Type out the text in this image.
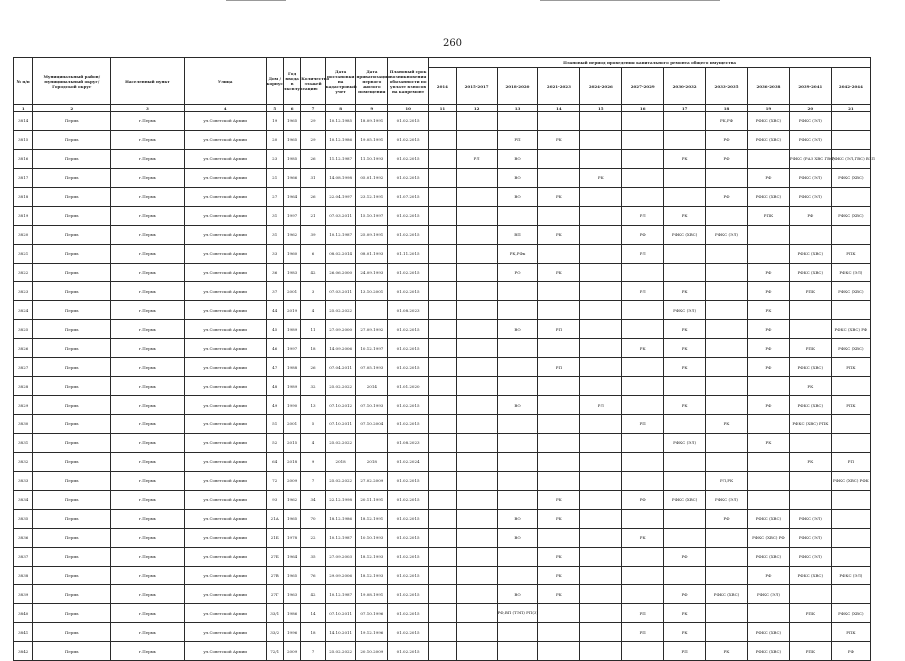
260
№ п/п	Муниципальный район/ муниципальный округ/Городской округ	Населенный пункт	Улица	Дом / корпус	Год ввода в эксплуатацию	Количество этажей	Дата постановки на кадастровый учет	Дата приватизации первого жилого помещения	Плановый срок возникновения обязанности по уплате взносов на капремонт	Плановый период проведения капитального ремонта общего имущества										
										2014	2015-2017	2018-2020	2021-2023	2024-2026	2027-2029	2030-2032	2033-2035	2036-2038	2039-2041	2042-2044
1	2	3	4	5	6	7	8	9	10	11	12	13	14	15	16	17	18	19	20	21
3814	Пермь	г.Пермь	ул.Советской Армии	19	1965	29	10.12.1985	18.09.1991	01.02.2015								РК,РФ	РФКС (ХВС)	РФКС (ЭЛ)	
3815	Пермь	г.Пермь	ул.Советской Армии	20	1965	29	10.12.1986	19.05.1991	01.02.2015			РП	РК				РФ	РФКС (ХВС)	РФКС (ЭЛ)	
3816	Пермь	г.Пермь	ул.Советской Армии	23	1985	26	11.12.1987	11.10.1993	01.02.2015		РЛ	ВО				РК	РФ		РФКС (РАЗ ХВС ГВС)	РФКС (ЭЛ,ГВС) ВЗП
3817	Пермь	г.Пермь	ул.Советской Армии	21	1966	31	14.08.1998	05.01.1992	01.02.2015			ВО		РК				РФ	РФКС (ЭЛ)	РФКС (ХВС)
3818	Пермь	г.Пермь	ул.Советской Армии	27	1964	26	22.04.1997	23.12.1991	01.07.2015			ВО	РК				РФ	РФКС (ХВС)	РФКС (ЭЛ)	
3819	Пермь	г.Пермь	ул.Советской Армии	31	1997	21	07.03.2011	15.10.1997	01.02.2015						РЛ	РК		РПК	РФ	РФКС (ХВС)
3820	Пермь	г.Пермь	ул.Советской Армии	31	1962	39	10.12.1987	25.09.1991	01.02.2015			ВП	РК		РФ	РФКС (ХВС)	РФКС (ЭЛ)			
3821	Пермь	г.Пермь	ул.Советской Армии	33	1960	6	08.02.2014	08.01.1993	01.11.2015			РК,РФк			РЛ				РФКС (ХВС)	РПК
3822	Пермь	г.Пермь	ул.Советской Армии	36	1983	42	26.06.2000	24.09.1993	01.02.2015			РО	РК					РФ	РФКС (ХВС)	РФКС (ЭЛ)
3823	Пермь	г.Пермь	ул.Советской Армии	37	2001	3	07.03.2011	13.10.2001	01.02.2015						РЛ	РК		РФ	РПК	РФКС (ХВС)
3824	Пермь	г.Пермь	ул.Советской Армии	44	2019	4	25.02.2022		01.08.2023							РФКС (ЭЛ)		РК		
3825	Пермь	г.Пермь	ул.Советской Армии	45	1989	11	27.09.2000	27.09.1992	01.02.2015			ВО	РП			РК		РФ		РФКС (ХВС) РФ
3826	Пермь	г.Пермь	ул.Советской Армии	46	1997	18	14.09.2006	10.12.1997	01.02.2015						РК	РК		РФ	РПК	РФКС (ХВС)
3827	Пермь	г.Пермь	ул.Советской Армии	47	1988	26	07.04.2011	07.05.1993	01.02.2015				РП			РК		РФ	РФКС (ХВС)	РПК
3828	Пермь	г.Пермь	ул.Советской Армии	48	1989	32	25.02.2022	2014	01.01.2020										РК	
3829	Пермь	г.Пермь	ул.Советской Армии	49	1990	13	07.10.2012	07.10.1993	01.02.2015			ВО		РЛ		РК		РФ	РФКС (ХВС)	РПК
3830	Пермь	г.Пермь	ул.Советской Армии	51	2001	5	07.10.2011	07.10.2004	01.02.2015						РП		РК		РФКС (ХВС) РПК	
3831	Пермь	г.Пермь	ул.Советской Армии	52	2015	4	25.02.2022		01.08.2023							РФКС (ЭЛ)		РК		
3832	Пермь	г.Пермь	ул.Советской Армии	64	2018	9	2018	2018	01.02.2024										РК	РП
3833	Пермь	г.Пермь	ул.Советской Армии	72	2009	7	25.02.2022	27.02.2009	01.02.2015								РЛ,РК			РФКС (ХВС) РФК
3834	Пермь	г.Пермь	ул.Советской Армии	93	1962	34	22.12.1998	20.11.1991	01.02.2015				РК		РФ	РФКС (ХВС)	РФКС (ЭЛ)			
3835	Пермь	г.Пермь	ул.Советской Армии	21А	1965	70	18.12.1986	18.12.1991	01.02.2015			ВО	РК				РФ	РФКС (ХВС)	РФКС (ЭЛ)	
3836	Пермь	г.Пермь	ул.Советской Армии	21Б	1978	22	10.12.1987	10.10.1993	01.02.2015			ВО			РК			РФКС (ХВС) РФ	РФКС (ЭЛ)	
3837	Пермь	г.Пермь	ул.Советской Армии	27Б	1964	35	27.09.2003	18.12.1993	01.02.2015				РК			РФ		РФКС (ХВС)	РФКС (ЭЛ)	
3838	Пермь	г.Пермь	ул.Советской Армии	27В	1965	76	29.09.2006	18.12.1993	01.02.2015				РК					РФ	РФКС (ХВС)	РФКС (ЭЛ)
3839	Пермь	г.Пермь	ул.Советской Армии	27Г	1963	42	10.12.1987	19.08.1991	01.02.2015			ВО	РК			РФ	РФКС (ХВС)	РФКС (ЭЛ)		
3840	Пермь	г.Пермь	ул.Советской Армии	33/1	1986	14	07.10.2011	07.10.1996	01.02.2015			РФ,ВП (ТЭП) РП(3)			РП	РК			РПК	РФКС (ХВС)
3841	Пермь	г.Пермь	ул.Советской Армии	33/2	1996	18	14.10.2011	19.12.1996	01.02.2015						РП	РК		РФКС (ХВС)		РПК
3842	Пермь	г.Пермь	ул.Советской Армии	72/1	2009	7	25.02.2022	20.10.2009	01.02.2015							РП	РК	РФКС (ХВС)	РПК	РФ
